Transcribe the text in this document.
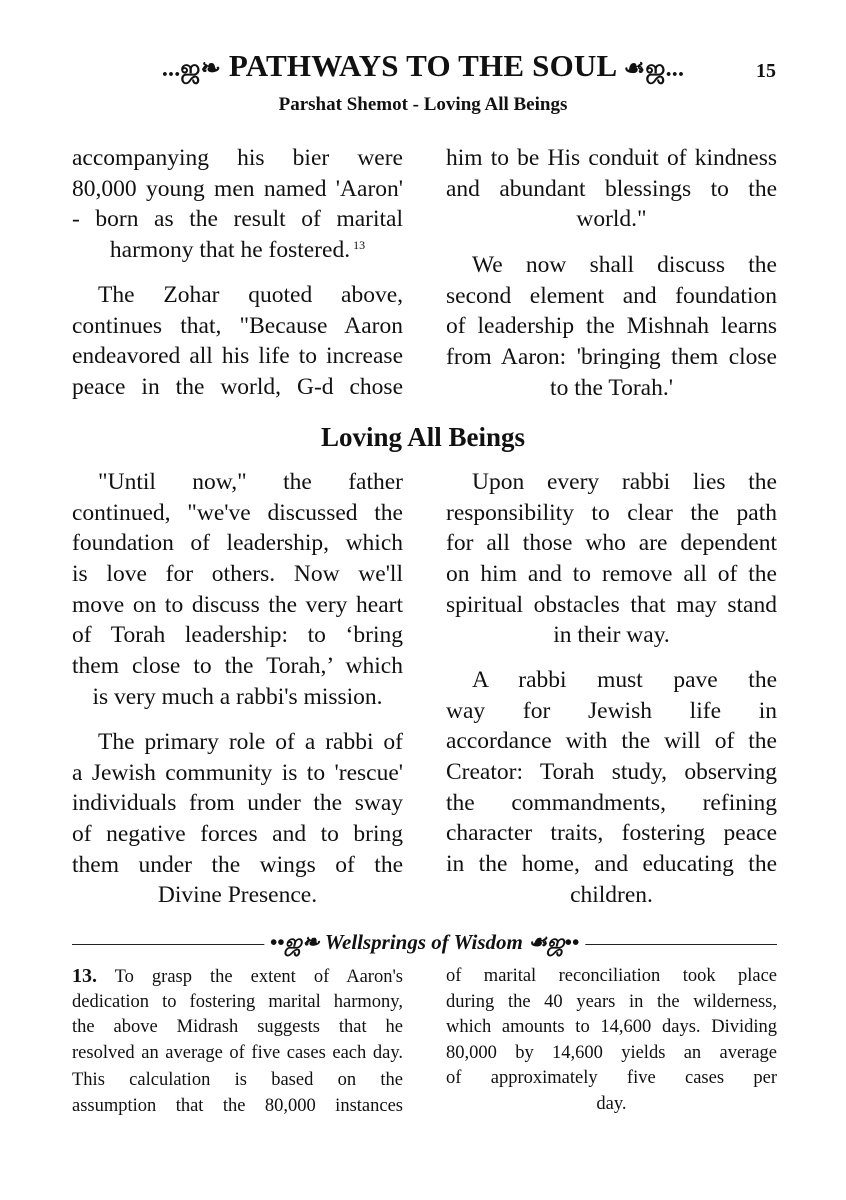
...ஜ❧ PATHWAYS TO THE SOUL ☙ஜ...	15
Parshat Shemot - Loving All Beings
accompanying his bier were
80,000 young men named 'Aaron'
- born as the result of marital
harmony that he fostered. $^{13}$
The Zohar quoted above,
continues that, "Because Aaron
endeavored all his life to increase
peace in the world, G-d chose
him to be His conduit of kindness
and abundant blessings to the
world."
We now shall discuss the
second element and foundation
of leadership the Mishnah learns
from Aaron: 'bringing them close
to the Torah.'
"Until now," the father
continued, "we've discussed the
foundation of leadership, which
is love for others. Now we'll
move on to discuss the very heart
of Torah leadership: to ‘bring
them close to the Torah,’ which
is very much a rabbi's mission.
The primary role of a rabbi of
a Jewish community is to 'rescue'
individuals from under the sway
of negative forces and to bring
them under the wings of the
Divine Presence.
Upon every rabbi lies the
responsibility to clear the path
for all those who are dependent
on him and to remove all of the
spiritual obstacles that may stand
in their way.
A rabbi must pave the
way for Jewish life in
accordance with the will of the
Creator: Torah study, observing
the commandments, refining
character traits, fostering peace
in the home, and educating the
children.
Loving All Beings
••ஜ❧ Wellsprings of Wisdom ☙ஜ••
13. To grasp the extent of Aaron's
dedication to fostering marital harmony,
the above Midrash suggests that he
resolved an average of five cases each day.
This calculation is based on the
assumption that the 80,000 instances
of marital reconciliation took place
during the 40 years in the wilderness,
which amounts to 14,600 days. Dividing
80,000 by 14,600 yields an average
of approximately five cases per
day.
